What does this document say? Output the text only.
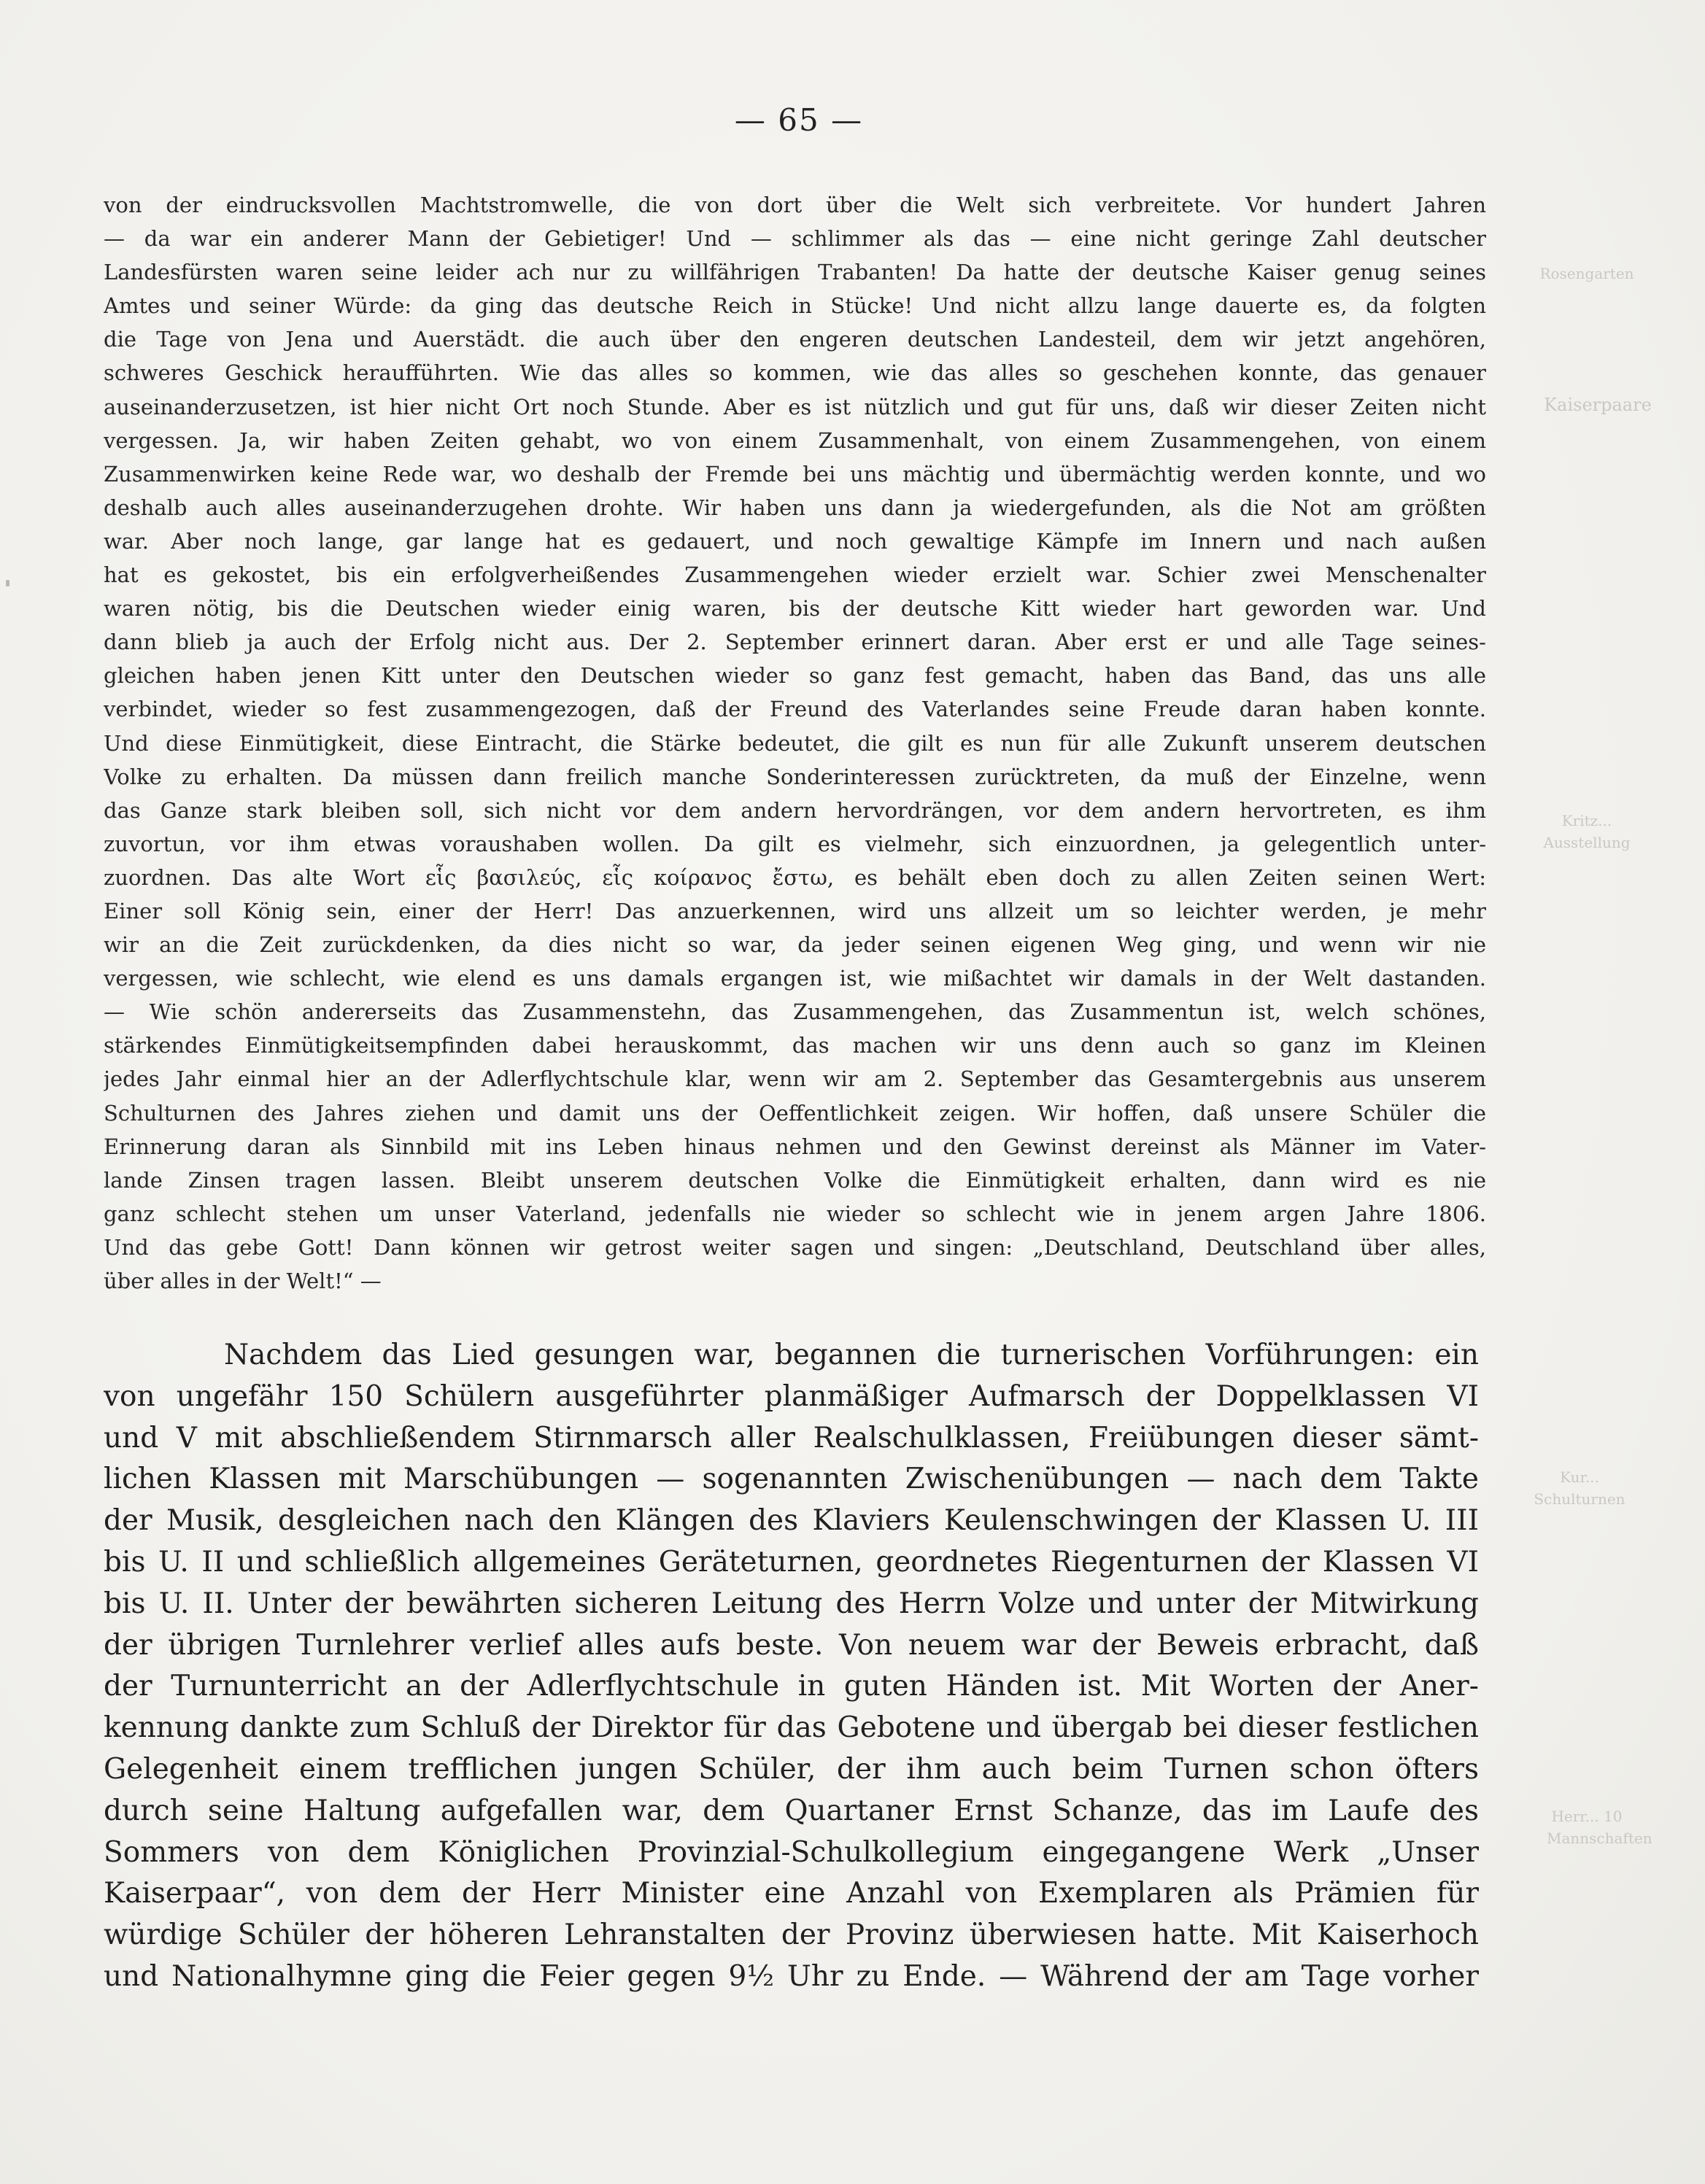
— 65 —
Rosengarten
Kaiserpaare
Kritz... Ausstellung
Kur... Schulturnen
Herr... 10 Mannschaften
von der eindrucksvollen Machtstromwelle, die von dort über die Welt sich verbreitete. Vor hundert Jahren
— da war ein anderer Mann der Gebietiger! Und — schlimmer als das — eine nicht geringe Zahl deutscher
Landesfürsten waren seine leider ach nur zu willfährigen Trabanten! Da hatte der deutsche Kaiser genug seines
Amtes und seiner Würde: da ging das deutsche Reich in Stücke! Und nicht allzu lange dauerte es, da folgten
die Tage von Jena und Auerstädt. die auch über den engeren deutschen Landesteil, dem wir jetzt angehören,
schweres Geschick heraufführten. Wie das alles so kommen, wie das alles so geschehen konnte, das genauer
auseinanderzusetzen, ist hier nicht Ort noch Stunde. Aber es ist nützlich und gut für uns, daß wir dieser Zeiten nicht
vergessen. Ja, wir haben Zeiten gehabt, wo von einem Zusammenhalt, von einem Zusammengehen, von einem
Zusammenwirken keine Rede war, wo deshalb der Fremde bei uns mächtig und übermächtig werden konnte, und wo
deshalb auch alles auseinanderzugehen drohte. Wir haben uns dann ja wiedergefunden, als die Not am größten
war. Aber noch lange, gar lange hat es gedauert, und noch gewaltige Kämpfe im Innern und nach außen
hat es gekostet, bis ein erfolgverheißendes Zusammengehen wieder erzielt war. Schier zwei Menschenalter
waren nötig, bis die Deutschen wieder einig waren, bis der deutsche Kitt wieder hart geworden war. Und
dann blieb ja auch der Erfolg nicht aus. Der 2. September erinnert daran. Aber erst er und alle Tage seines-
gleichen haben jenen Kitt unter den Deutschen wieder so ganz fest gemacht, haben das Band, das uns alle
verbindet, wieder so fest zusammengezogen, daß der Freund des Vaterlandes seine Freude daran haben konnte.
Und diese Einmütigkeit, diese Eintracht, die Stärke bedeutet, die gilt es nun für alle Zukunft unserem deutschen
Volke zu erhalten. Da müssen dann freilich manche Sonderinteressen zurücktreten, da muß der Einzelne, wenn
das Ganze stark bleiben soll, sich nicht vor dem andern hervordrängen, vor dem andern hervortreten, es ihm
zuvortun, vor ihm etwas voraushaben wollen. Da gilt es vielmehr, sich einzuordnen, ja gelegentlich unter-
zuordnen. Das alte Wort εἷς βασιλεύς, εἷς κοίρανος ἔστω, es behält eben doch zu allen Zeiten seinen Wert:
Einer soll König sein, einer der Herr! Das anzuerkennen, wird uns allzeit um so leichter werden, je mehr
wir an die Zeit zurückdenken, da dies nicht so war, da jeder seinen eigenen Weg ging, und wenn wir nie
vergessen, wie schlecht, wie elend es uns damals ergangen ist, wie mißachtet wir damals in der Welt dastanden.
— Wie schön andererseits das Zusammenstehn, das Zusammengehen, das Zusammentun ist, welch schönes,
stärkendes Einmütigkeitsempfinden dabei herauskommt, das machen wir uns denn auch so ganz im Kleinen
jedes Jahr einmal hier an der Adlerflychtschule klar, wenn wir am 2. September das Gesamtergebnis aus unserem
Schulturnen des Jahres ziehen und damit uns der Oeffentlichkeit zeigen. Wir hoffen, daß unsere Schüler die
Erinnerung daran als Sinnbild mit ins Leben hinaus nehmen und den Gewinst dereinst als Männer im Vater-
lande Zinsen tragen lassen. Bleibt unserem deutschen Volke die Einmütigkeit erhalten, dann wird es nie
ganz schlecht stehen um unser Vaterland, jedenfalls nie wieder so schlecht wie in jenem argen Jahre 1806.
Und das gebe Gott! Dann können wir getrost weiter sagen und singen: „Deutschland, Deutschland über alles,
über alles in der Welt!“ —
Nachdem das Lied gesungen war, begannen die turnerischen Vorführungen: ein
von ungefähr 150 Schülern ausgeführter planmäßiger Aufmarsch der Doppelklassen VI
und V mit abschließendem Stirnmarsch aller Realschulklassen, Freiübungen dieser sämt-
lichen Klassen mit Marschübungen — sogenannten Zwischenübungen — nach dem Takte
der Musik, desgleichen nach den Klängen des Klaviers Keulenschwingen der Klassen U. III
bis U. II und schließlich allgemeines Geräteturnen, geordnetes Riegenturnen der Klassen VI
bis U. II. Unter der bewährten sicheren Leitung des Herrn Volze und unter der Mitwirkung
der übrigen Turnlehrer verlief alles aufs beste. Von neuem war der Beweis erbracht, daß
der Turnunterricht an der Adlerflychtschule in guten Händen ist. Mit Worten der Aner-
kennung dankte zum Schluß der Direktor für das Gebotene und übergab bei dieser festlichen
Gelegenheit einem trefflichen jungen Schüler, der ihm auch beim Turnen schon öfters
durch seine Haltung aufgefallen war, dem Quartaner Ernst Schanze, das im Laufe des
Sommers von dem Königlichen Provinzial-Schulkollegium eingegangene Werk „Unser
Kaiserpaar“, von dem der Herr Minister eine Anzahl von Exemplaren als Prämien für
würdige Schüler der höheren Lehranstalten der Provinz überwiesen hatte. Mit Kaiserhoch
und Nationalhymne ging die Feier gegen 9½ Uhr zu Ende. — Während der am Tage vorher
